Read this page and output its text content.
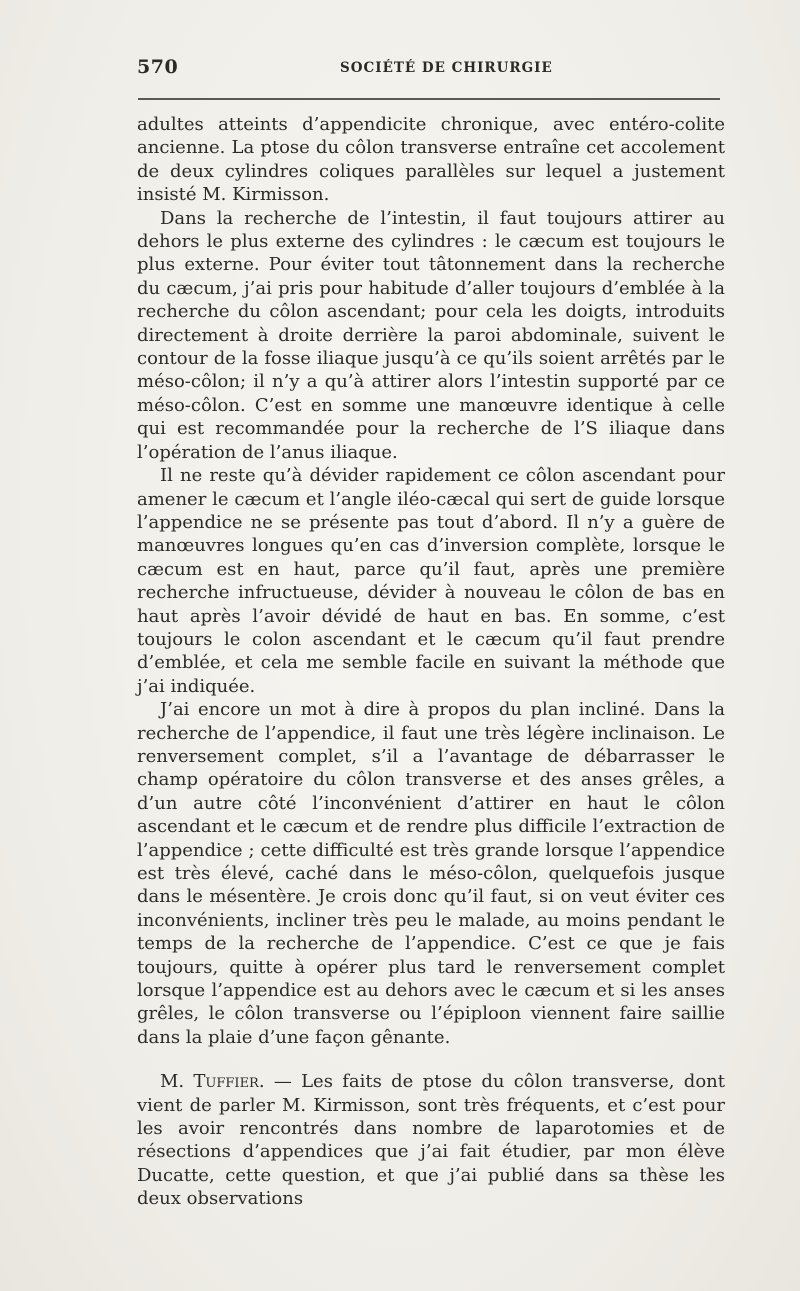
570	SOCIÉTÉ DE CHIRURGIE

adultes atteints d’appendicite chronique, avec entéro-colite ancienne. La ptose du côlon transverse entraîne cet accolement de deux cylindres coliques parallèles sur lequel a justement insisté M. Kirmisson.

Dans la recherche de l’intestin, il faut toujours attirer au dehors le plus externe des cylindres : le cæcum est toujours le plus externe. Pour éviter tout tâtonnement dans la recherche du cæcum, j’ai pris pour habitude d’aller toujours d’emblée à la recherche du côlon ascendant; pour cela les doigts, introduits directement à droite derrière la paroi abdominale, suivent le contour de la fosse iliaque jusqu’à ce qu’ils soient arrêtés par le méso-côlon; il n’y a qu’à attirer alors l’intestin supporté par ce méso-côlon. C’est en somme une manœuvre identique à celle qui est recommandée pour la recherche de l’S iliaque dans l’opération de l’anus iliaque.

Il ne reste qu’à dévider rapidement ce côlon ascendant pour amener le cæcum et l’angle iléo-cæcal qui sert de guide lorsque l’appendice ne se présente pas tout d’abord. Il n’y a guère de manœuvres longues qu’en cas d’inversion complète, lorsque le cæcum est en haut, parce qu’il faut, après une première recherche infructueuse, dévider à nouveau le côlon de bas en haut après l’avoir dévidé de haut en bas. En somme, c’est toujours le colon ascendant et le cæcum qu’il faut prendre d’emblée, et cela me semble facile en suivant la méthode que j’ai indiquée.

J’ai encore un mot à dire à propos du plan incliné. Dans la recherche de l’appendice, il faut une très légère inclinaison. Le renversement complet, s’il a l’avantage de débarrasser le champ opératoire du côlon transverse et des anses grêles, a d’un autre côté l’inconvénient d’attirer en haut le côlon ascendant et le cæcum et de rendre plus difficile l’extraction de l’appendice ; cette difficulté est très grande lorsque l’appendice est très élevé, caché dans le méso-côlon, quelquefois jusque dans le mésentère. Je crois donc qu’il faut, si on veut éviter ces inconvénients, incliner très peu le malade, au moins pendant le temps de la recherche de l’appendice. C’est ce que je fais toujours, quitte à opérer plus tard le renversement complet lorsque l’appendice est au dehors avec le cæcum et si les anses grêles, le côlon transverse ou l’épiploon viennent faire saillie dans la plaie d’une façon gênante.

M. Tuffier. — Les faits de ptose du côlon transverse, dont vient de parler M. Kirmisson, sont très fréquents, et c’est pour les avoir rencontrés dans nombre de laparotomies et de résections d’appendices que j’ai fait étudier, par mon élève Ducatte, cette question, et que j’ai publié dans sa thèse les deux observations
